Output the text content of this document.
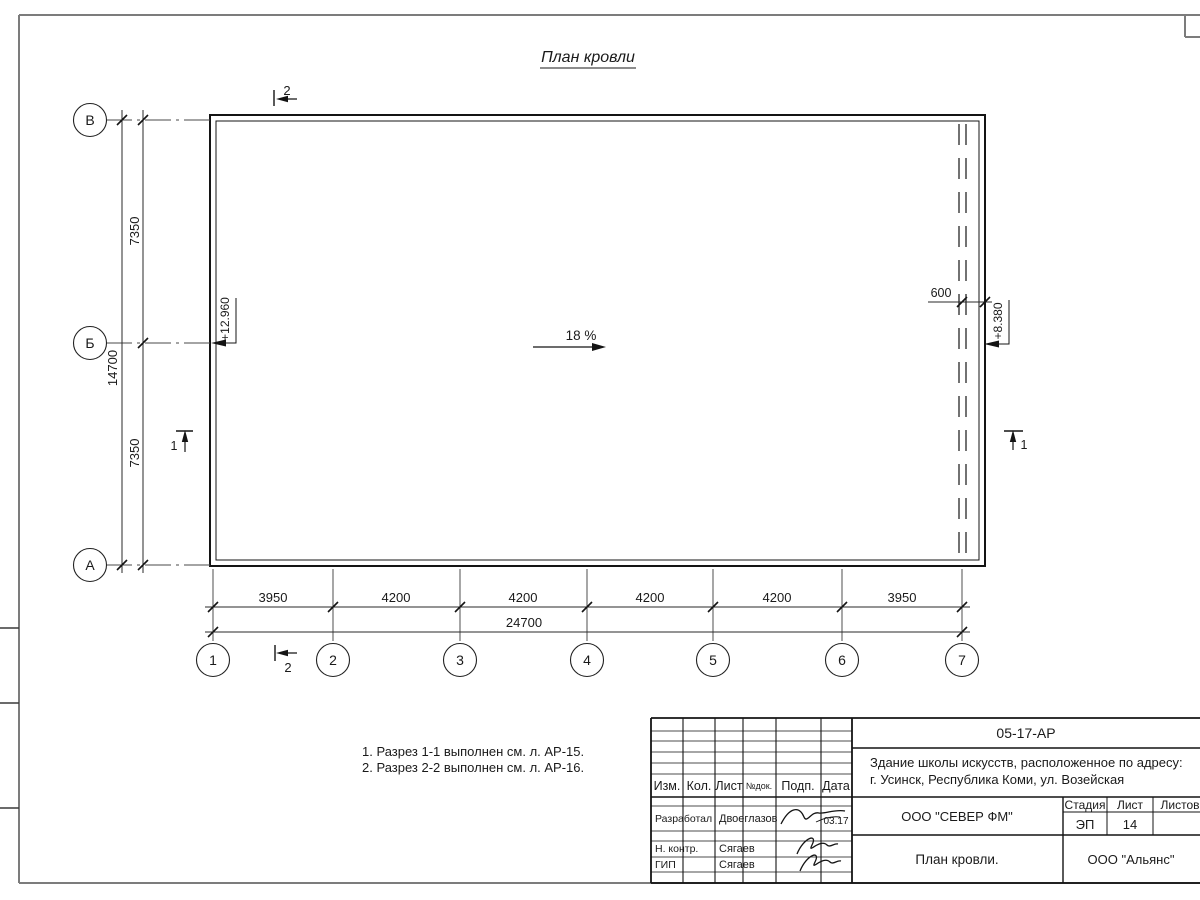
План кровли
7350
7350
14700
3950	4200	4200	4200	4200	3950
24700
600
18 %
+12.960	+8.380
2
2
1	1
В
Б
А
1	2	3	4	5	6	7
1. Разрез 1-1 выполнен см. л. АР-15.
2. Разрез 2-2 выполнен см. л. АР-16.
Изм. Кол. Лист №док. Подп. Дата
Разработал Двоеглазов	03.17
Н. контр. Сягаев
ГИП	Сягаев
05-17-АР
Здание школы искусств, расположенное по адресу:
г. Усинск, Республика Коми, ул. Возейская
ООО "СЕВЕР ФМ"
Стадия Лист Листов
ЭП 14
План кровли.	ООО "Альянс"
